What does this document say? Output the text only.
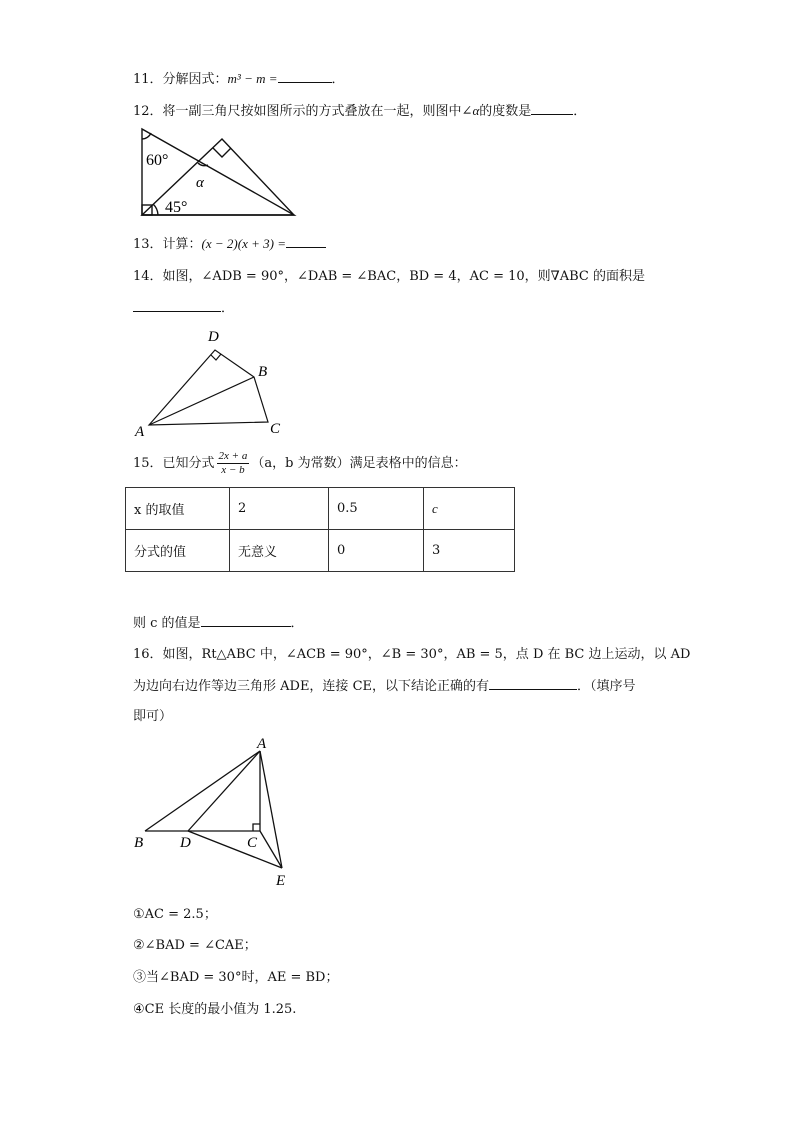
11．分解因式：m³ − m =	．
12．将一副三角尺按如图所示的方式叠放在一起，则图中∠α的度数是	．
60°
45°
α
13．计算：(x − 2)(x + 3) =
14．如图，∠ADB = 90°，∠DAB = ∠BAC，BD = 4，AC = 10，则∇ABC 的面积是
．
A
D
B
C
15．已知分式 $\frac{2x + a}{x - b} (a$，b 为常数）满足表格中的信息：
x 的取值	2	0.5	c
分式的值	无意义	0	3
则 c 的值是	．
16．如图，Rt△ABC 中，∠ACB = 90°，∠B = 30°，AB = 5，点 D 在 BC 边上运动，以 AD
为边向右边作等边三角形 ADE，连接 CE，以下结论正确的有	．（填序号
即可）
A
B D	C
E
①AC = 2.5；
②∠BAD = ∠CAE；
③当∠BAD = 30°时，AE = BD；
④CE 长度的最小值为 1.25.
